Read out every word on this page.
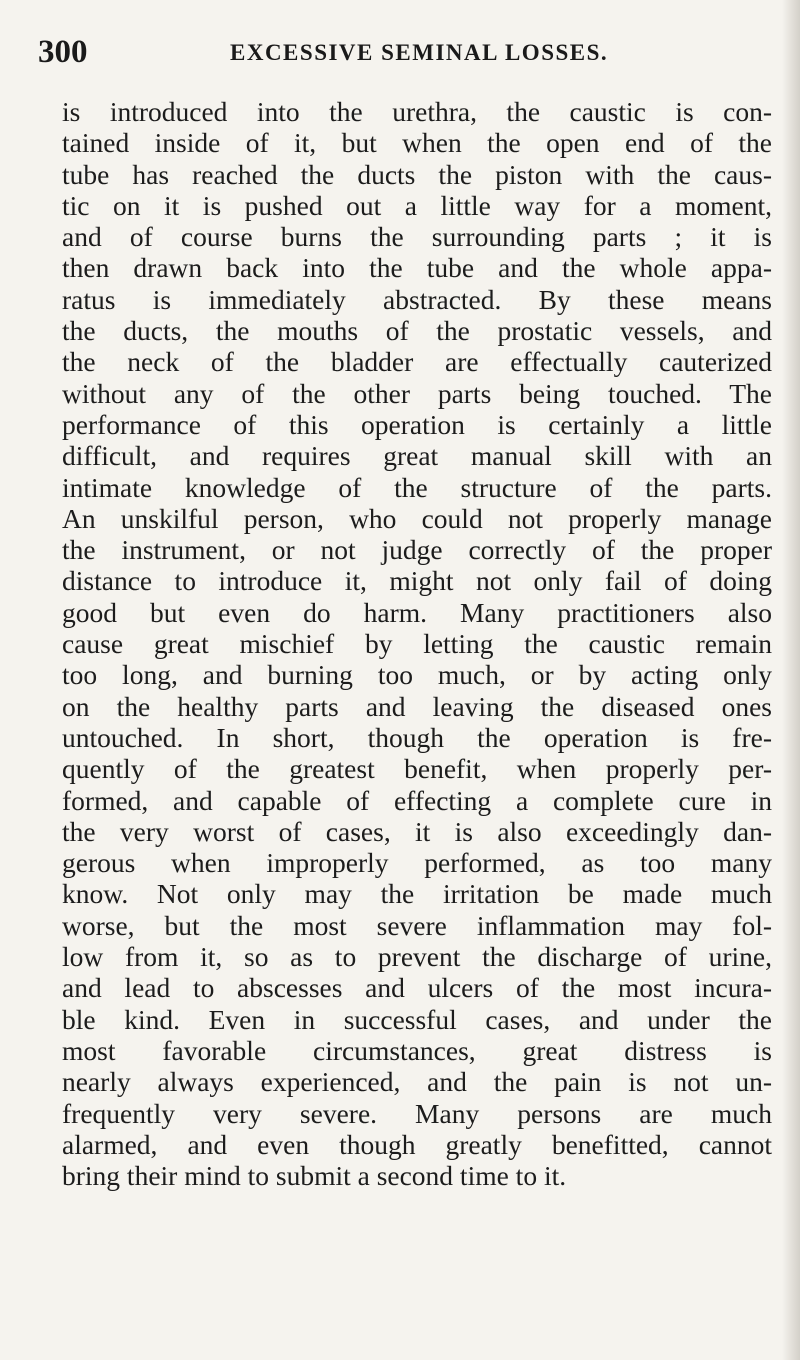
300	EXCESSIVE SEMINAL LOSSES.
is introduced into the urethra, the caustic is con-
tained inside of it, but when the open end of the
tube has reached the ducts the piston with the caus-
tic on it is pushed out a little way for a moment,
and of course burns the surrounding parts ; it is
then drawn back into the tube and the whole appa-
ratus is immediately abstracted. By these means
the ducts, the mouths of the prostatic vessels, and
the neck of the bladder are effectually cauterized
without any of the other parts being touched. The
performance of this operation is certainly a little
difficult, and requires great manual skill with an
intimate knowledge of the structure of the parts.
An unskilful person, who could not properly manage
the instrument, or not judge correctly of the proper
distance to introduce it, might not only fail of doing
good but even do harm. Many practitioners also
cause great mischief by letting the caustic remain
too long, and burning too much, or by acting only
on the healthy parts and leaving the diseased ones
untouched. In short, though the operation is fre-
quently of the greatest benefit, when properly per-
formed, and capable of effecting a complete cure in
the very worst of cases, it is also exceedingly dan-
gerous when improperly performed, as too many
know. Not only may the irritation be made much
worse, but the most severe inflammation may fol-
low from it, so as to prevent the discharge of urine,
and lead to abscesses and ulcers of the most incura-
ble kind. Even in successful cases, and under the
most favorable circumstances, great distress is
nearly always experienced, and the pain is not un-
frequently very severe. Many persons are much
alarmed, and even though greatly benefitted, cannot
bring their mind to submit a second time to it.
